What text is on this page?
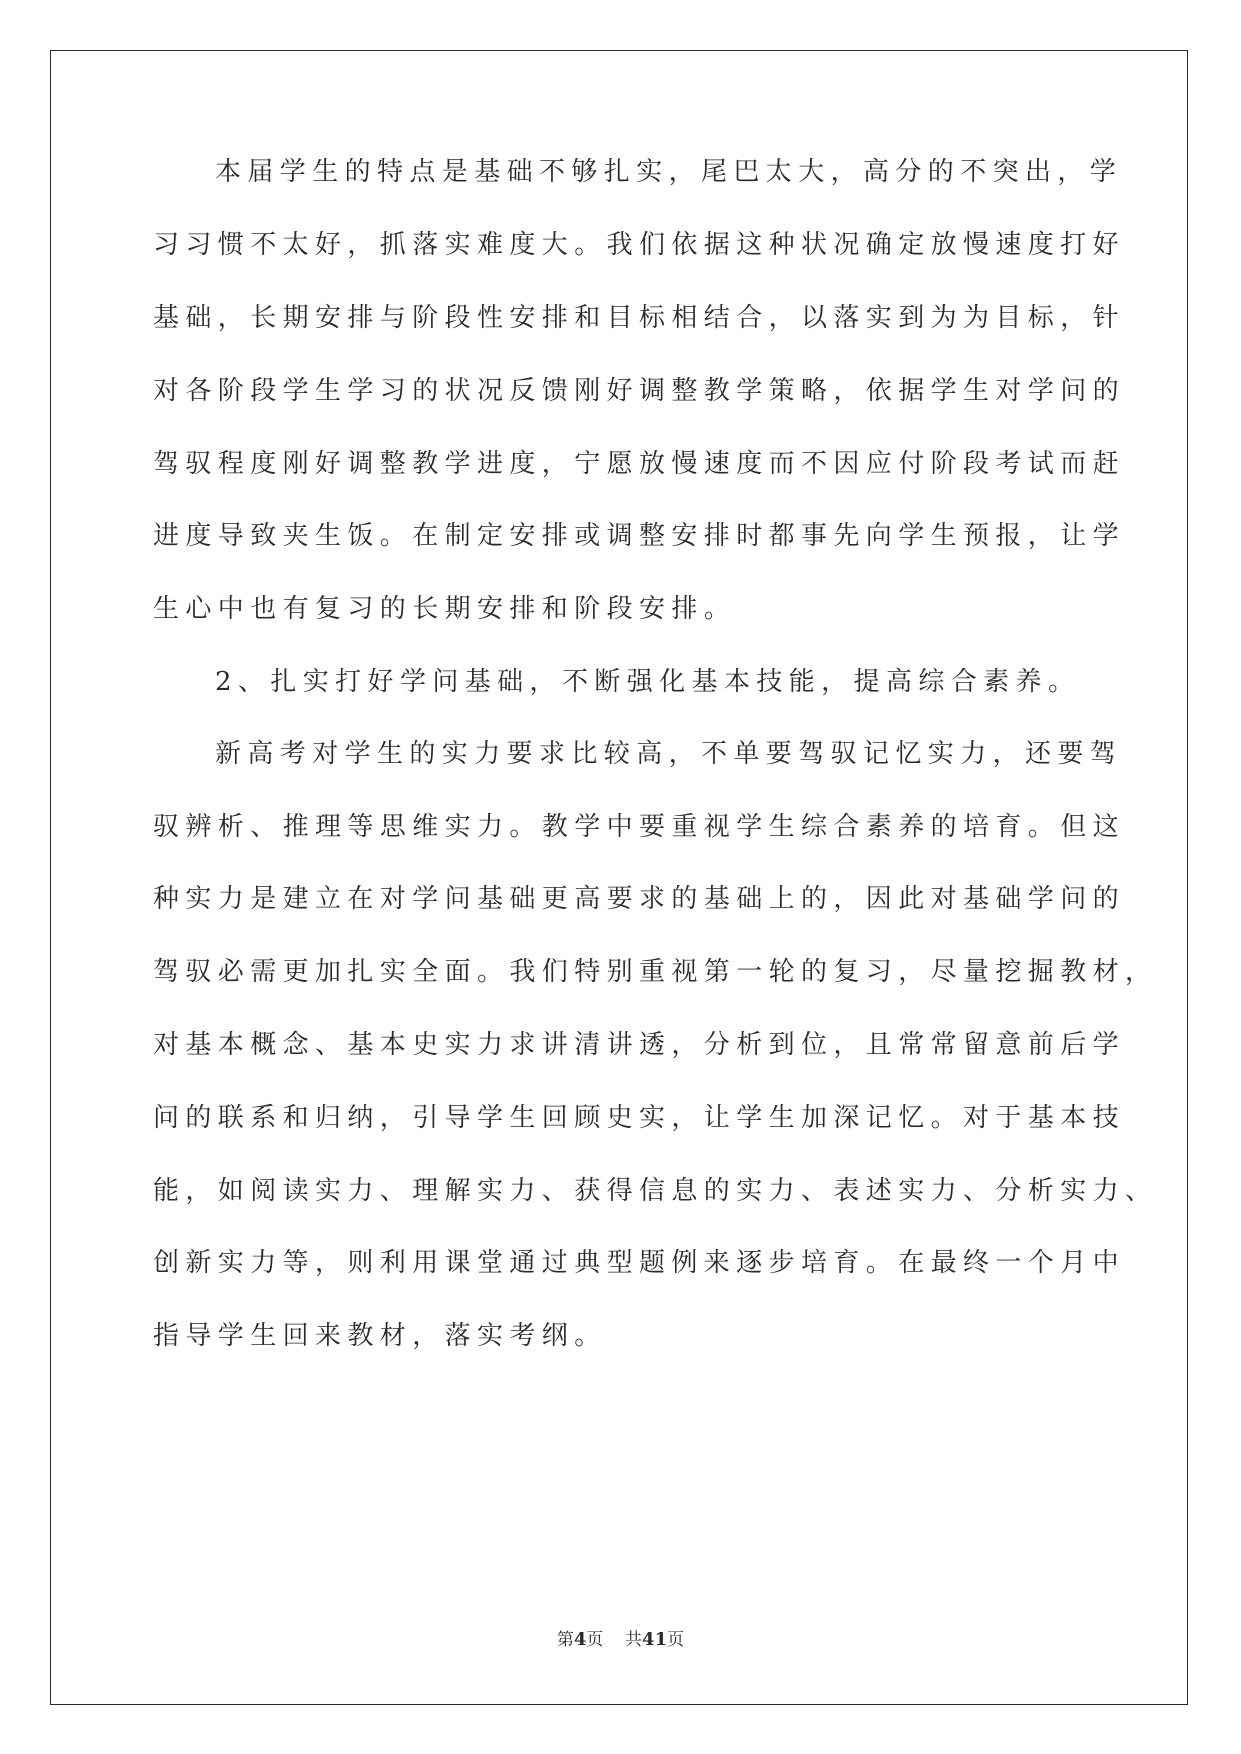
本届学生的特点是基础不够扎实，尾巴太大，高分的不突出，学

习习惯不太好，抓落实难度大。我们依据这种状况确定放慢速度打好

基础，长期安排与阶段性安排和目标相结合，以落实到为为目标，针

对各阶段学生学习的状况反馈刚好调整教学策略，依据学生对学问的

驾驭程度刚好调整教学进度，宁愿放慢速度而不因应付阶段考试而赶

进度导致夹生饭。在制定安排或调整安排时都事先向学生预报，让学

生心中也有复习的长期安排和阶段安排。

2、扎实打好学问基础，不断强化基本技能，提高综合素养。

新高考对学生的实力要求比较高，不单要驾驭记忆实力，还要驾

驭辨析、推理等思维实力。教学中要重视学生综合素养的培育。但这

种实力是建立在对学问基础更高要求的基础上的，因此对基础学问的

驾驭必需更加扎实全面。我们特别重视第一轮的复习，尽量挖掘教材，

对基本概念、基本史实力求讲清讲透，分析到位，且常常留意前后学

问的联系和归纳，引导学生回顾史实，让学生加深记忆。对于基本技

能，如阅读实力、理解实力、获得信息的实力、表述实力、分析实力、

创新实力等，则利用课堂通过典型题例来逐步培育。在最终一个月中

指导学生回来教材，落实考纲。

第4页 共41页
